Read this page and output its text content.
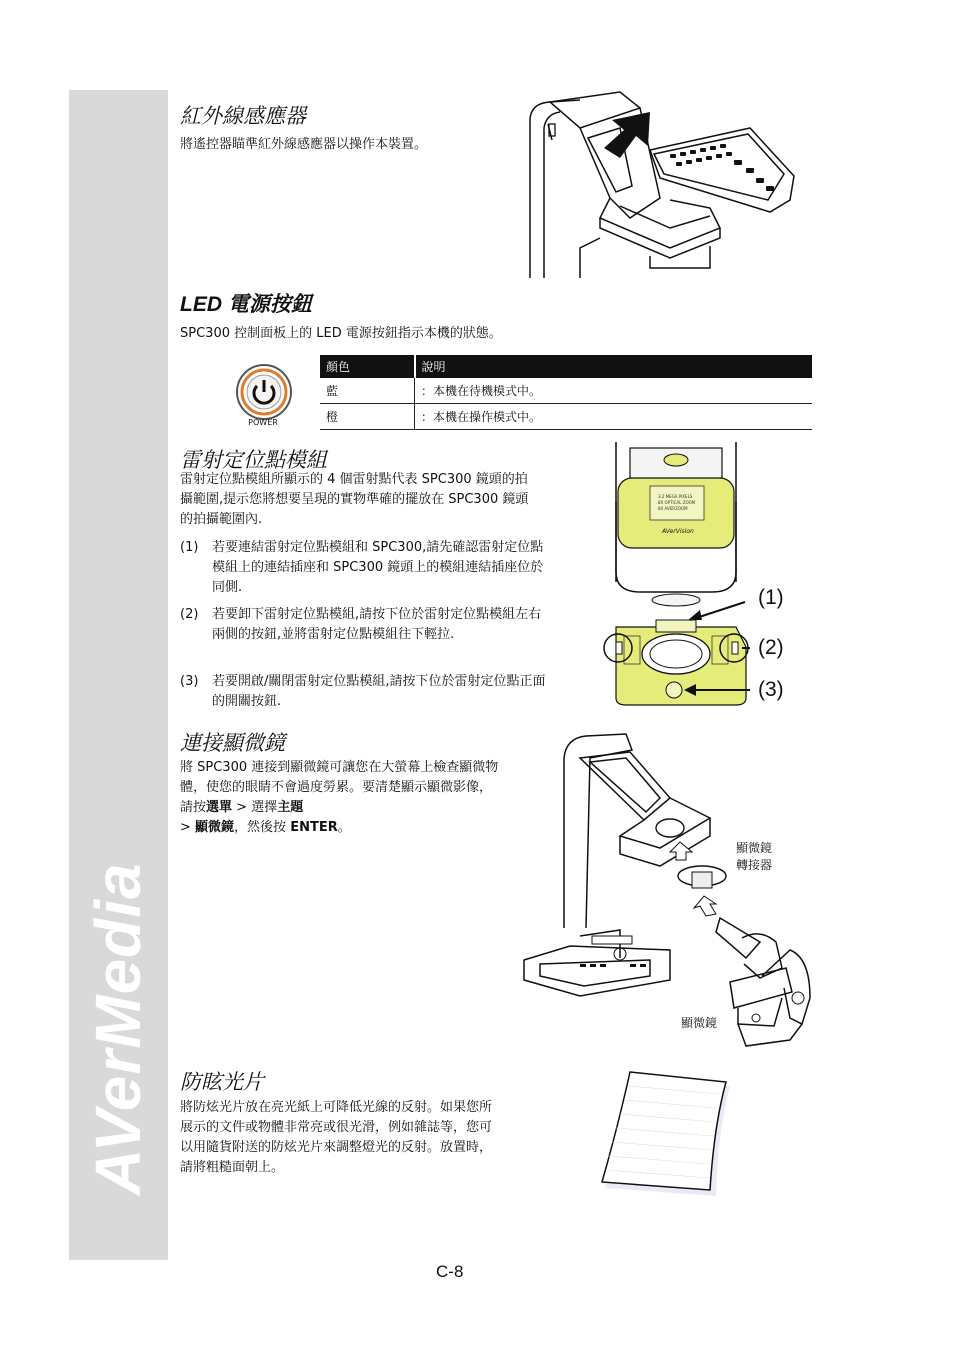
AVerMedia
紅外線感應器

將遙控器瞄準紅外線感應器以操作本裝置。

LED 電源按鈕

SPC300 控制面板上的 LED 電源按鈕指示本機的狀態。

POWER
顏色	說明
藍	：本機在待機模式中。
橙	：本機在操作模式中。
雷射定位點模組

雷射定位點模組所顯示的 4 個雷射點代表 SPC300 鏡頭的拍攝範圍,提示您將想要呈現的實物準確的擺放在 SPC300 鏡頭的拍攝範圍內.

(1) 若要連結雷射定位點模組和 SPC300,請先確認雷射定位點模組上的連結插座和 SPC300 鏡頭上的模組連結插座位於同側.
(2) 若要卸下雷射定位點模組,請按下位於雷射定位點模組左右兩側的按鈕,並將雷射定位點模組往下輕拉.
(3) 若要開啟/關閉雷射定位點模組,請按下位於雷射定位點正面的開關按鈕.
3.2 MEGA PIXELS
8X OPTICAL ZOOM
8X AVERZOOM
AVerVision
(1)
(2)
(3)
連接顯微鏡

將 SPC300 連接到顯微鏡可讓您在大螢幕上檢查顯微物體，使您的眼睛不會過度勞累。要清楚顯示顯微影像，請按選單 > 選擇主題
> 顯微鏡，然後按 ENTER。

顯微鏡
轉接器
顯微鏡
防眩光片

將防炫光片放在亮光紙上可降低光線的反射。如果您所展示的文件或物體非常亮或很光滑，例如雜誌等，您可以用隨貨附送的防炫光片來調整燈光的反射。放置時，請將粗糙面朝上。

C-8
